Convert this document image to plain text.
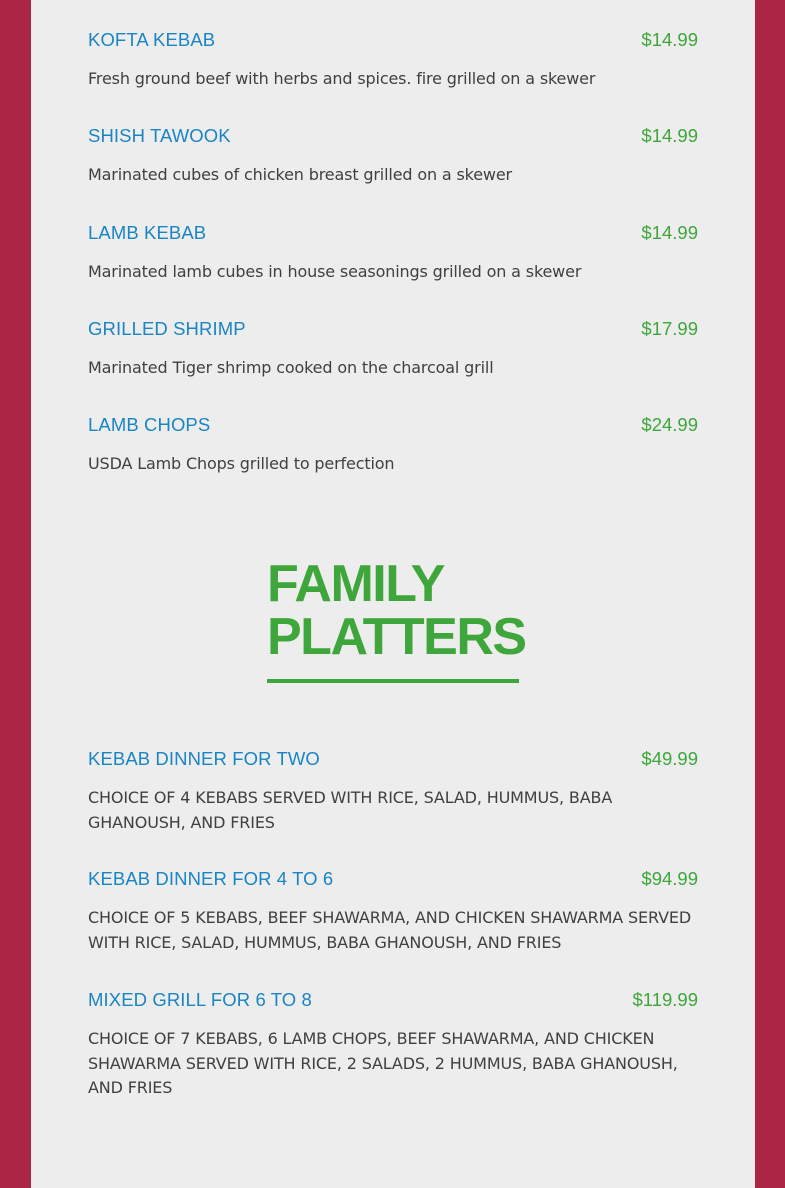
KOFTA KEBAB	$14.99
Fresh ground beef with herbs and spices. fire grilled on a skewer
SHISH TAWOOK	$14.99
Marinated cubes of chicken breast grilled on a skewer
LAMB KEBAB	$14.99
Marinated lamb cubes in house seasonings grilled on a skewer
GRILLED SHRIMP	$17.99
Marinated Tiger shrimp cooked on the charcoal grill
LAMB CHOPS	$24.99
USDA Lamb Chops grilled to perfection
FAMILY PLATTERS
KEBAB DINNER FOR TWO	$49.99
CHOICE OF 4 KEBABS SERVED WITH RICE, SALAD, HUMMUS, BABA GHANOUSH, AND FRIES
KEBAB DINNER FOR 4 TO 6	$94.99
CHOICE OF 5 KEBABS, BEEF SHAWARMA, AND CHICKEN SHAWARMA SERVED WITH RICE, SALAD, HUMMUS, BABA GHANOUSH, AND FRIES
MIXED GRILL FOR 6 TO 8	$119.99
CHOICE OF 7 KEBABS, 6 LAMB CHOPS, BEEF SHAWARMA, AND CHICKEN SHAWARMA SERVED WITH RICE, 2 SALADS, 2 HUMMUS, BABA GHANOUSH, AND FRIES
